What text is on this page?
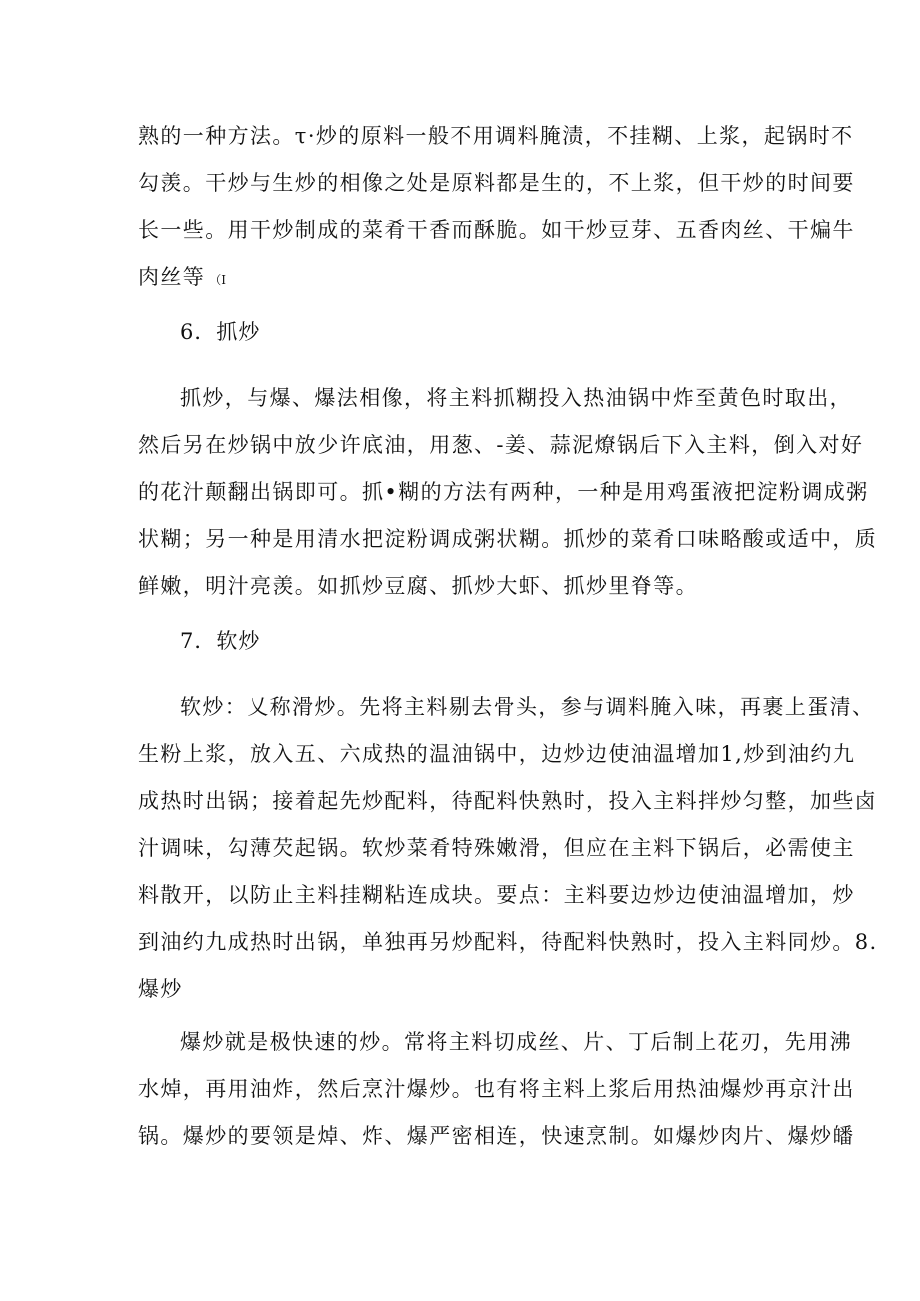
熟的一种方法。τ·炒的原料一般不用调料腌渍，不挂糊、上浆，起锅时不
勾羡。干炒与生炒的相像之处是原料都是生的，不上浆，但干炒的时间要
长一些。用干炒制成的菜肴干香而酥脆。如干炒豆芽、五香肉丝、干煸牛
肉丝等 （I
6．抓炒
抓炒，与爆、爆法相像，将主料抓糊投入热油锅中炸至黄色时取出，
然后另在炒锅中放少许底油，用葱、-姜、蒜泥燎锅后下入主料，倒入对好
的花汁颠翻出锅即可。抓•糊的方法有两种，一种是用鸡蛋液把淀粉调成粥
状糊；另一种是用清水把淀粉调成粥状糊。抓炒的菜肴口味略酸或适中，质
鲜嫩，明汁亮羡。如抓炒豆腐、抓炒大虾、抓炒里脊等。
7．软炒
软炒：乂称滑炒。先将主料剔去骨头，参与调料腌入味，再裹上蛋清、
生粉上浆，放入五、六成热的温油锅中，边炒边使油温增加1,炒到油约九
成热时出锅；接着起先炒配料，待配料快熟时，投入主料拌炒匀整，加些卤
汁调味，勾薄芡起锅。软炒菜肴特殊嫩滑，但应在主料下锅后，必需使主
料散开，以防止主料挂糊粘连成块。要点：主料要边炒边使油温增加，炒
到油约九成热时出锅，单独再另炒配料，待配料快熟时，投入主料同炒。8.
爆炒
爆炒就是极快速的炒。常将主料切成丝、片、丁后制上花刃，先用沸
水焯，再用油炸，然后烹汁爆炒。也有将主料上浆后用热油爆炒再京汁出
锅。爆炒的要领是焯、炸、爆严密相连，快速烹制。如爆炒肉片、爆炒皤
